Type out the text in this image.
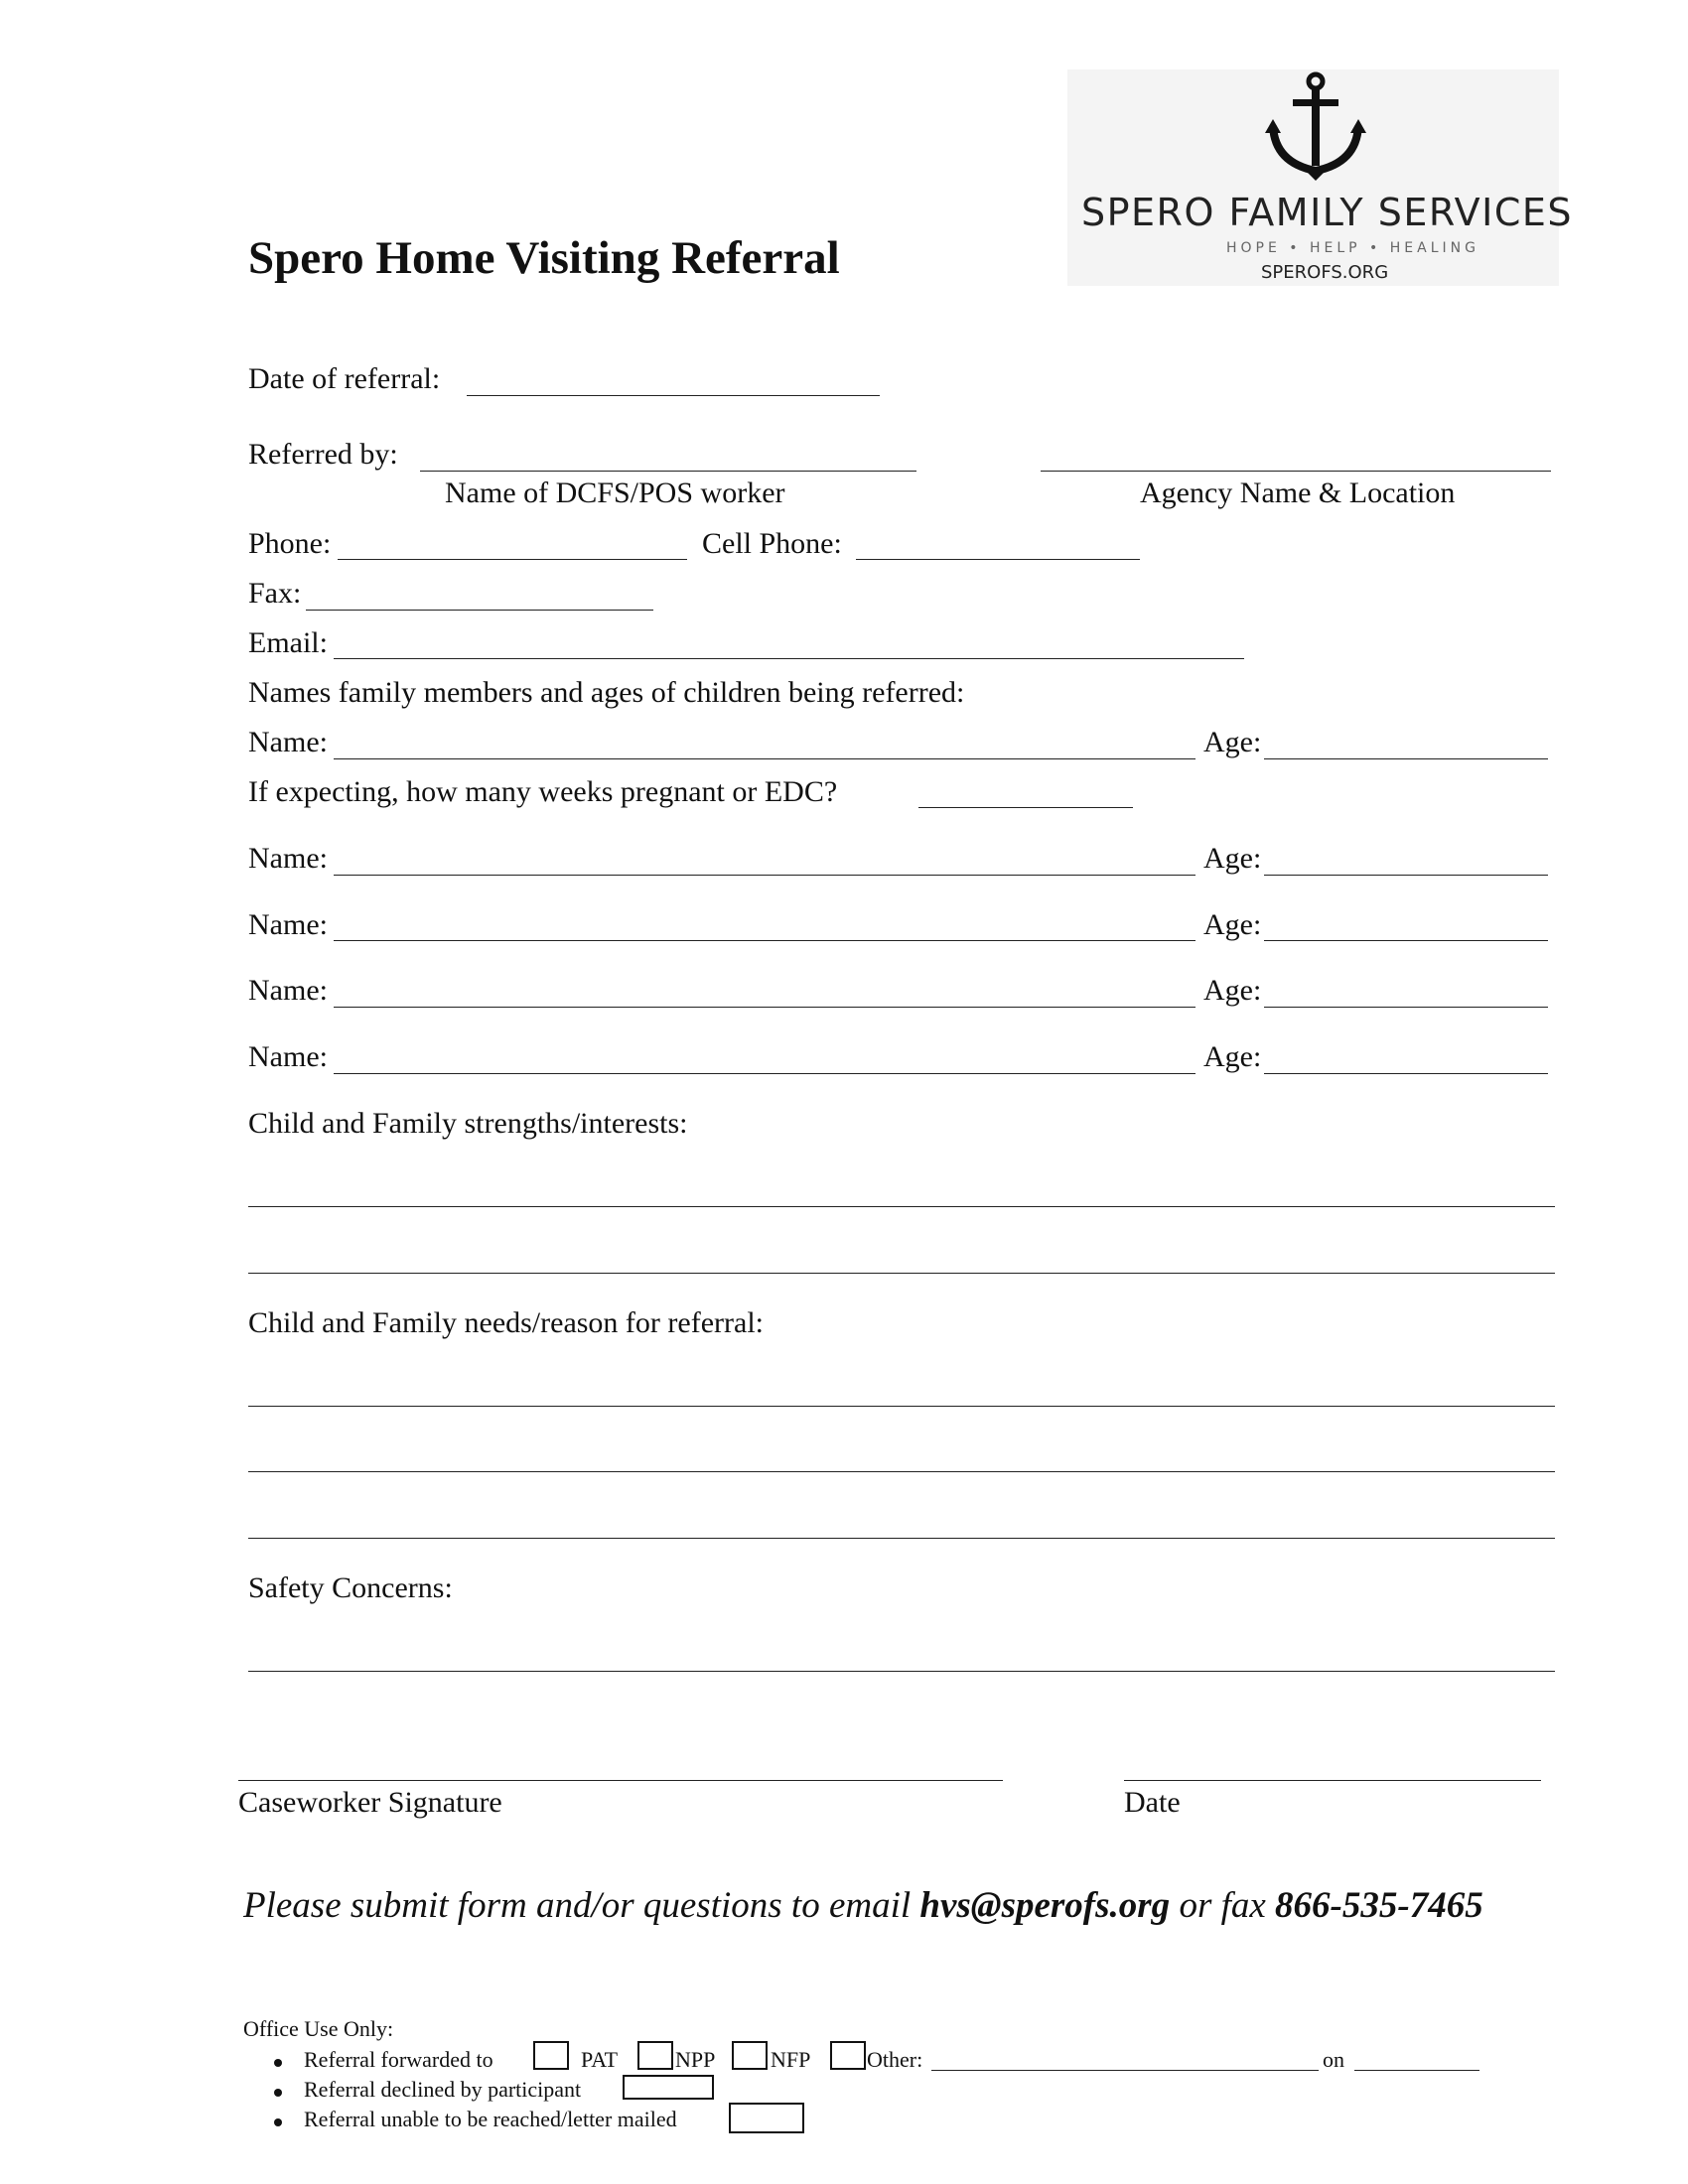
SPERO FAMILY SERVICES
HOPE • HELP • HEALING
SPEROFS.ORG
Spero Home Visiting Referral
Date of referral:
Referred by:
Name of DCFS/POS worker	Agency Name & Location
Phone:	Cell Phone:
Fax:
Email:
Names family members and ages of children being referred:
Name:	Age:
If expecting, how many weeks pregnant or EDC?
Name:	Age:
Name:	Age:
Name:	Age:
Name:	Age:
Child and Family strengths/interests:
Child and Family needs/reason for referral:
Safety Concerns:
Caseworker Signature	Date
Please submit form and/or questions to email hvs@sperofs.org or fax 866-535-7465
Office Use Only:
Referral forwarded to	PAT	NPP	NFP	Other:	on
Referral declined by participant
Referral unable to be reached/letter mailed
